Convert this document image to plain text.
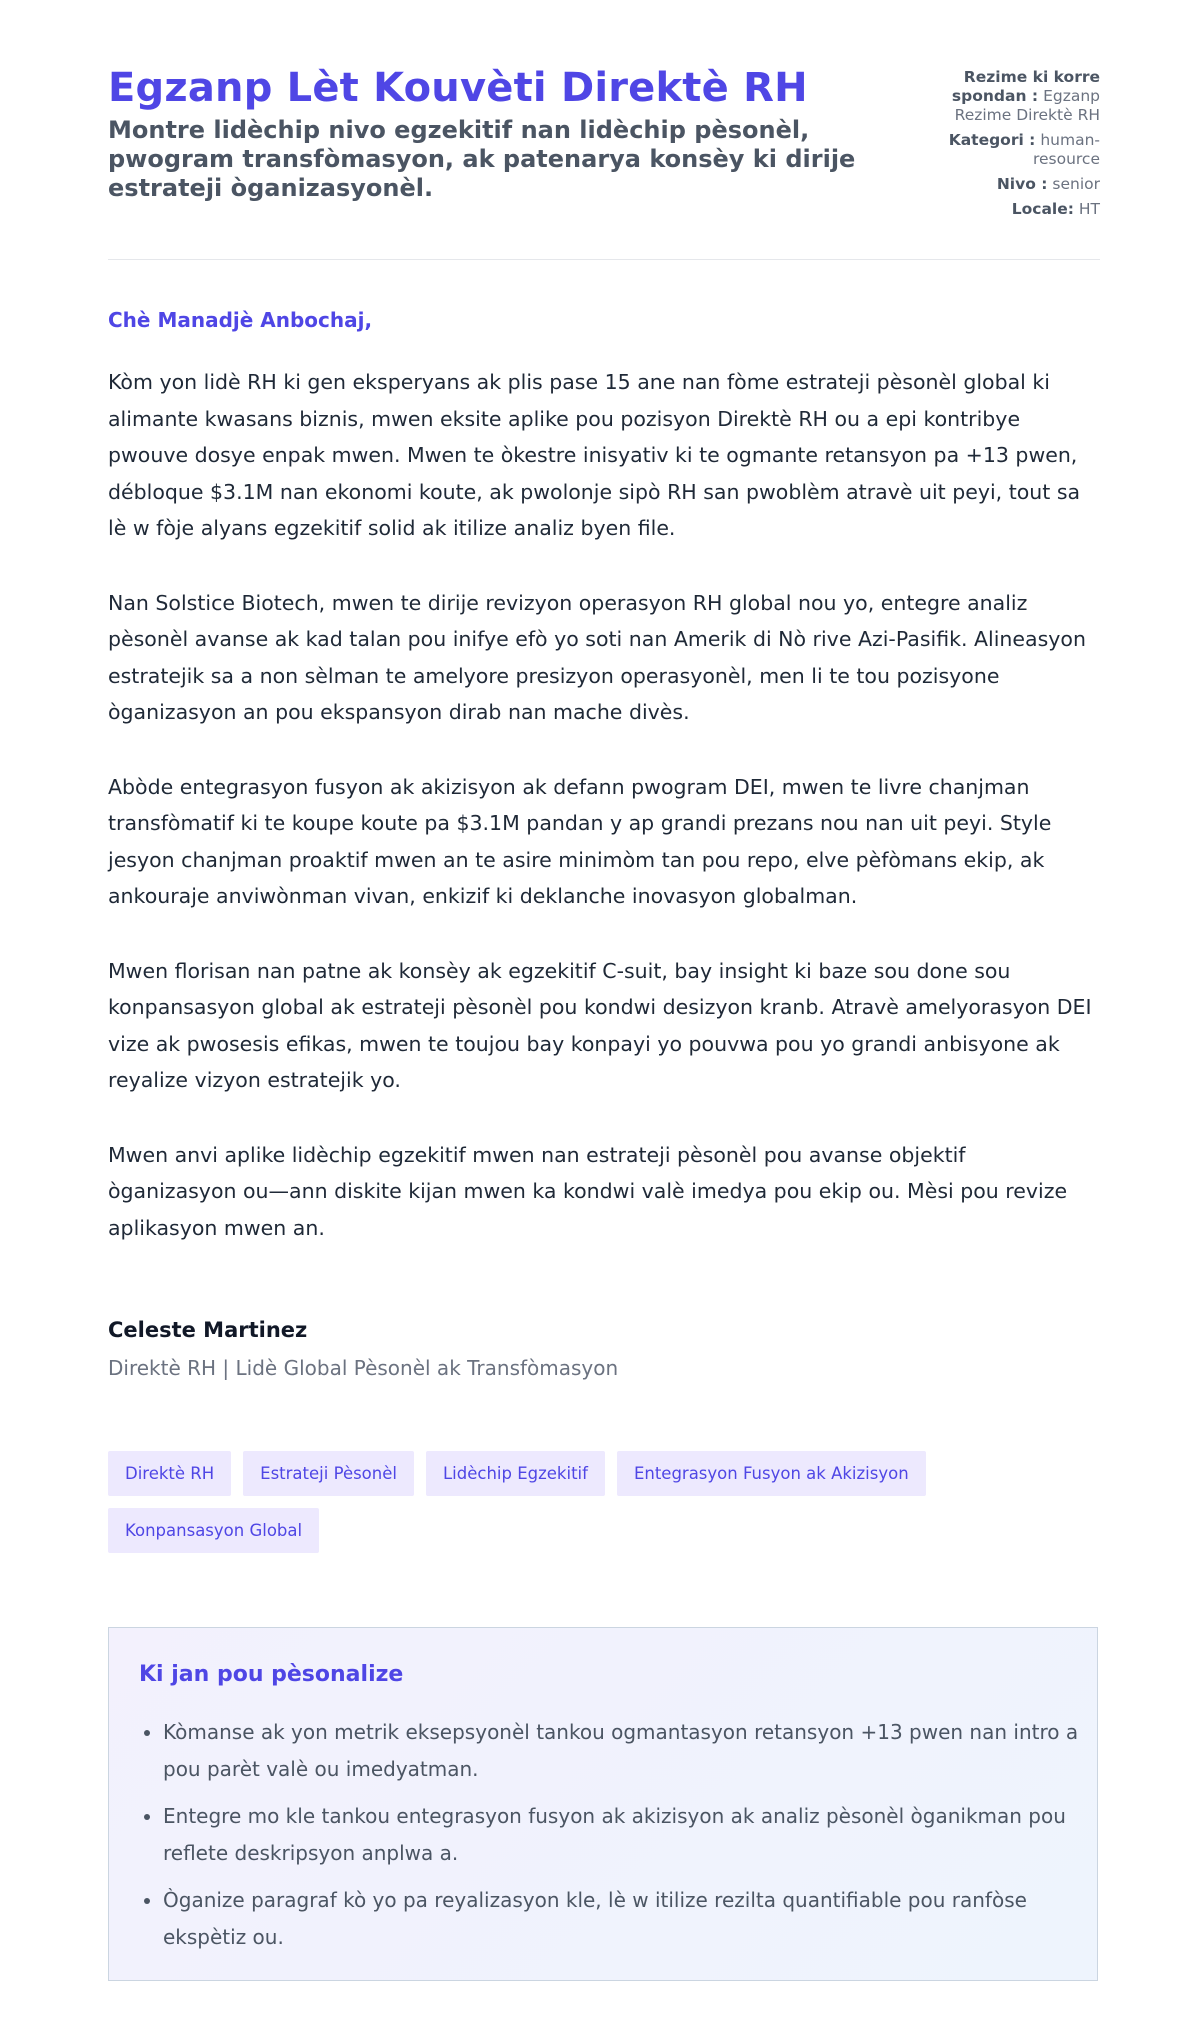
Egzanp Lèt Kouvèti Direktè RH
Montre lidèchip nivo egzekitif nan lidèchip pèsonèl, pwogram transfòmasyon, ak patenarya konsèy ki dirije estrateji òganizasyonèl.
Rezime ki korre spondan : Egzanp Rezime Direktè RH
Kategori : human-resource
Nivo : senior
Locale: HT
Chè Manadjè Anbochaj,

Kòm yon lidè RH ki gen eksperyans ak plis pase 15 ane nan fòme estrateji pèsonèl global ki alimante kwasans biznis, mwen eksite aplike pou pozisyon Direktè RH ou a epi kontribye pwouve dosye enpak mwen. Mwen te òkestre inisyativ ki te ogmante retansyon pa +13 pwen, débloque $3.1M nan ekonomi koute, ak pwolonje sipò RH san pwoblèm atravè uit peyi, tout sa lè w fòje alyans egzekitif solid ak itilize analiz byen file.

Nan Solstice Biotech, mwen te dirije revizyon operasyon RH global nou yo, entegre analiz pèsonèl avanse ak kad talan pou inifye efò yo soti nan Amerik di Nò rive Azi-Pasifik. Alineasyon estratejik sa a non sèlman te amelyore presizyon operasyonèl, men li te tou pozisyone òganizasyon an pou ekspansyon dirab nan mache divès.

Abòde entegrasyon fusyon ak akizisyon ak defann pwogram DEI, mwen te livre chanjman transfòmatif ki te koupe koute pa $3.1M pandan y ap grandi prezans nou nan uit peyi. Style jesyon chanjman proaktif mwen an te asire minimòm tan pou repo, elve pèfòmans ekip, ak ankouraje anviwònman vivan, enkizif ki deklanche inovasyon globalman.

Mwen florisan nan patne ak konsèy ak egzekitif C-suit, bay insight ki baze sou done sou konpansasyon global ak estrateji pèsonèl pou kondwi desizyon kranb. Atravè amelyorasyon DEI vize ak pwosesis efikas, mwen te toujou bay konpayi yo pouvwa pou yo grandi anbisyone ak reyalize vizyon estratejik yo.

Mwen anvi aplike lidèchip egzekitif mwen nan estrateji pèsonèl pou avanse objektif òganizasyon ou—ann diskite kijan mwen ka kondwi valè imedya pou ekip ou. Mèsi pou revize aplikasyon mwen an.

Celeste Martinez
Direktè RH | Lidè Global Pèsonèl ak Transfòmasyon
Direktè RH	Estrateji Pèsonèl	Lidèchip Egzekitif	Entegrasyon Fusyon ak Akizisyon
Konpansasyon Global
Ki jan pou pèsonalize
• Kòmanse ak yon metrik eksepsyonèl tankou ogmantasyon retansyon +13 pwen nan intro a pou parèt valè ou imedyatman.
• Entegre mo kle tankou entegrasyon fusyon ak akizisyon ak analiz pèsonèl òganikman pou reflete deskripsyon anplwa a.
• Òganize paragraf kò yo pa reyalizasyon kle, lè w itilize rezilta quantifiable pou ranfòse ekspètiz ou.
